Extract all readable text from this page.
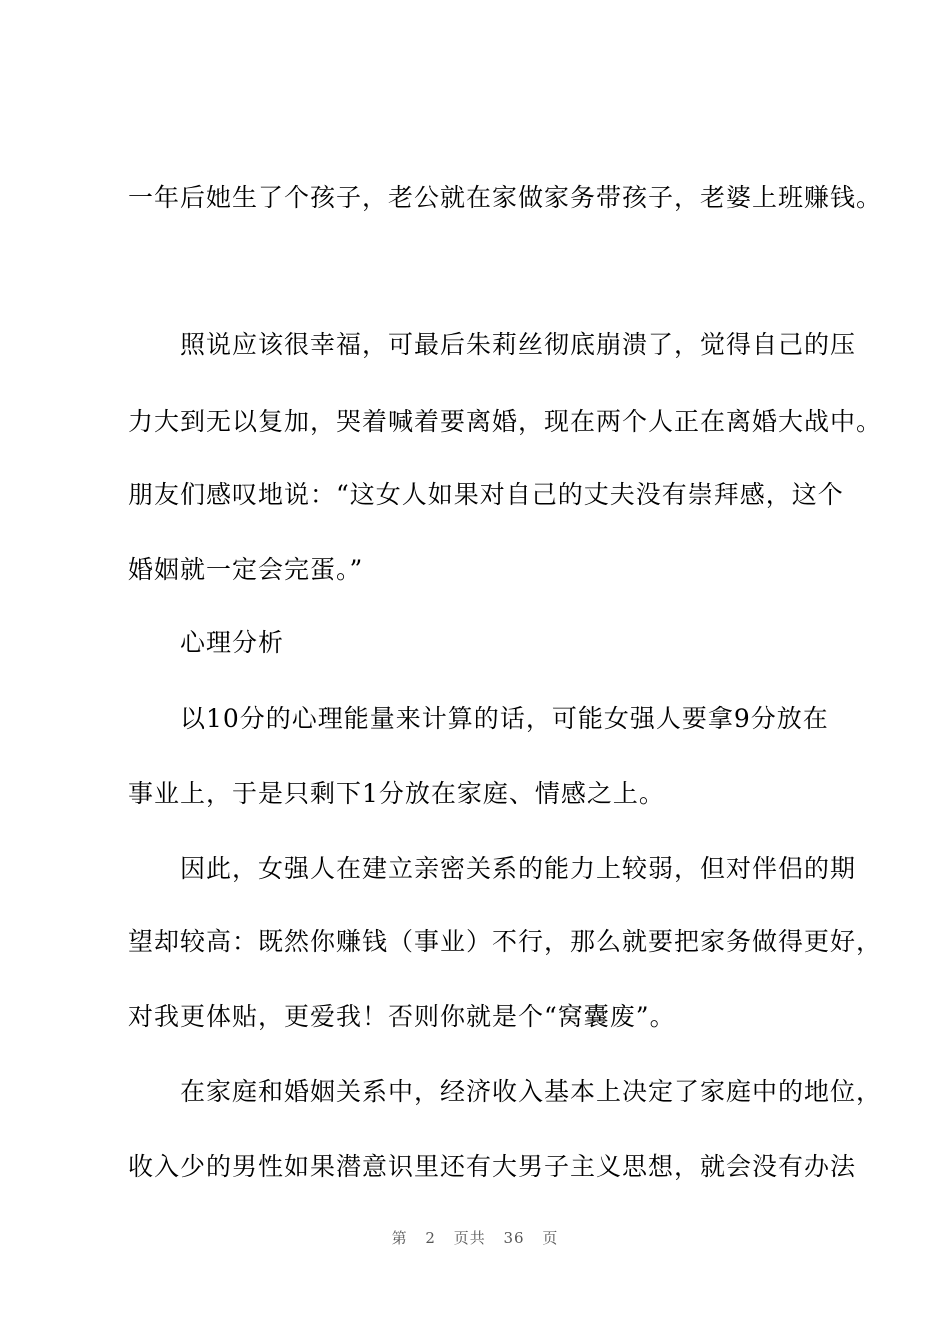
一年后她生了个孩子，老公就在家做家务带孩子，老婆上班赚钱。
照说应该很幸福，可最后朱莉丝彻底崩溃了，觉得自己的压
力大到无以复加，哭着喊着要离婚，现在两个人正在离婚大战中。
朋友们感叹地说：“这女人如果对自己的丈夫没有崇拜感，这个
婚姻就一定会完蛋。”
心理分析
以10分的心理能量来计算的话，可能女强人要拿9分放在
事业上，于是只剩下1分放在家庭、情感之上。
因此，女强人在建立亲密关系的能力上较弱，但对伴侣的期
望却较高：既然你赚钱（事业）不行，那么就要把家务做得更好，
对我更体贴，更爱我！否则你就是个“窝囊废”。
在家庭和婚姻关系中，经济收入基本上决定了家庭中的地位，
收入少的男性如果潜意识里还有大男子主义思想，就会没有办法
第 2 页共 36 页
